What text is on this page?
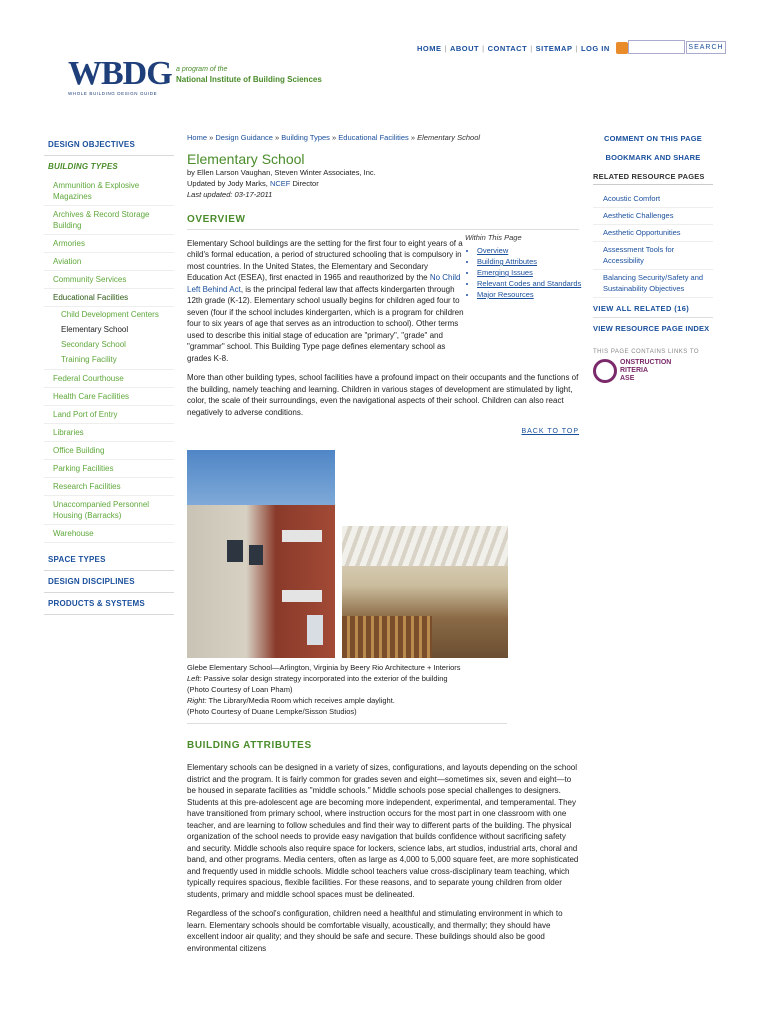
HOME | ABOUT | CONTACT | SITEMAP | LOG IN	SEARCH
WBDG
WHOLE BUILDING DESIGN GUIDE
a program of the
National Institute of Building Sciences
DESIGN OBJECTIVES
BUILDING TYPES
Ammunition & Explosive Magazines
Archives & Record Storage Building
Armories
Aviation
Community Services
Educational Facilities
Child Development Centers
Elementary School
Secondary School
Training Facility
Federal Courthouse
Health Care Facilities
Land Port of Entry
Libraries
Office Building
Parking Facilities
Research Facilities
Unaccompanied Personnel Housing (Barracks)
Warehouse
SPACE TYPES
DESIGN DISCIPLINES
PRODUCTS & SYSTEMS
Home » Design Guidance » Building Types » Educational Facilities » Elementary School
Elementary School
by Ellen Larson Vaughan, Steven Winter Associates, Inc.
Updated by Jody Marks, NCEF Director
Last updated: 03-17-2011
OVERVIEW
Within This Page
• Overview
• Building Attributes
• Emerging Issues
• Relevant Codes and Standards
• Major Resources

Elementary School buildings are the setting for the first four to eight years of a child's formal education, a period of structured schooling that is compulsory in most countries. In the United States, the Elementary and Secondary Education Act (ESEA), first enacted in 1965 and reauthorized by the No Child Left Behind Act, is the principal federal law that affects kindergarten through 12th grade (K-12). Elementary school usually begins for children aged four to seven (four if the school includes kindergarten, which is a program for children four to six years of age that serves as an introduction to school). Other terms used to describe this initial stage of education are "primary", "grade" and "grammar" school. This Building Type page defines elementary school as grades K-8.

More than other building types, school facilities have a profound impact on their occupants and the functions of the building, namely teaching and learning. Children in various stages of development are stimulated by light, color, the scale of their surroundings, even the navigational aspects of their school. Children can also react negatively to adverse conditions.

BACK TO TOP
Glebe Elementary School—Arlington, Virginia by Beery Rio Architecture + Interiors
Left: Passive solar design strategy incorporated into the exterior of the building
(Photo Courtesy of Loan Pham)
Right: The Library/Media Room which receives ample daylight.
(Photo Courtesy of Duane Lempke/Sisson Studios)
BUILDING ATTRIBUTES

Elementary schools can be designed in a variety of sizes, configurations, and layouts depending on the school district and the program. It is fairly common for grades seven and eight—sometimes six, seven and eight—to be housed in separate facilities as "middle schools." Middle schools pose special challenges to designers. Students at this pre-adolescent age are becoming more independent, experimental, and temperamental. They have transitioned from primary school, where instruction occurs for the most part in one classroom with one teacher, and are learning to follow schedules and find their way to different parts of the building. The physical organization of the school needs to provide easy navigation that builds confidence without sacrificing safety and security. Middle schools also require space for lockers, science labs, art studios, industrial arts, choral and band, and other programs. Media centers, often as large as 4,000 to 5,000 square feet, are more sophisticated and frequently used in middle schools. Middle school teachers value cross-disciplinary team teaching, which typically requires spacious, flexible facilities. For these reasons, and to separate young children from older students, primary and middle school spaces must be delineated.

Regardless of the school's configuration, children need a healthful and stimulating environment in which to learn. Elementary schools should be comfortable visually, acoustically, and thermally; they should have excellent indoor air quality; and they should be safe and secure. These buildings should also be good environmental citizens

COMMENT ON THIS PAGE
BOOKMARK AND SHARE
RELATED RESOURCE PAGES
Acoustic Comfort
Aesthetic Challenges
Aesthetic Opportunities
Assessment Tools for Accessibility
Balancing Security/Safety and Sustainability Objectives
VIEW ALL RELATED (16)
VIEW RESOURCE PAGE INDEX
THIS PAGE CONTAINS LINKS TO
ONSTRUCTION
RITERIA
ASE
